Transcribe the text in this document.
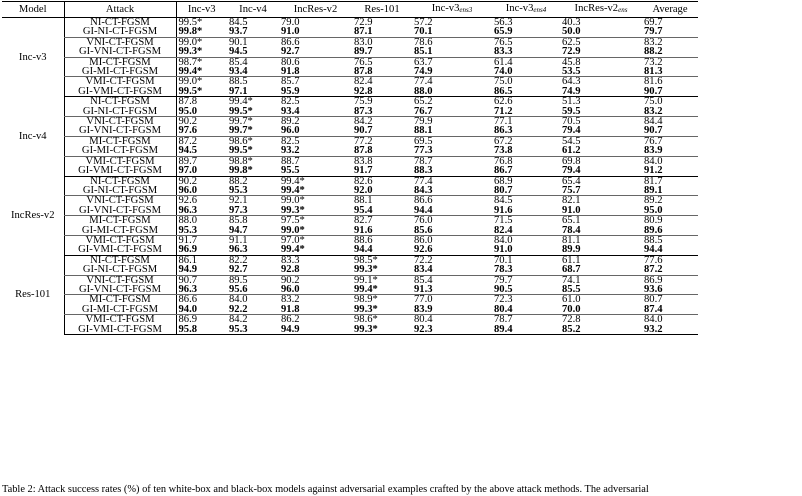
Model	Attack	Inc-v3	Inc-v4	IncRes-v2	Res-101	Inc-v3ens3	Inc-v3ens4	IncRes-v2ens	Average
Inc-v3	NI-CT-FGSM	99.5*	84.5	79.0	72.9	57.2	56.3	40.3	69.7
	GI-NI-CT-FGSM	99.8*	93.7	91.0	87.1	70.1	65.9	50.0	79.7
	VNI-CT-FGSM	99.0*	90.1	86.6	83.0	78.6	76.5	62.5	83.2
	GI-VNI-CT-FGSM	99.3*	94.5	92.7	89.7	85.1	83.3	72.9	88.2
	MI-CT-FGSM	98.7*	85.4	80.6	76.5	63.7	61.4	45.8	73.2
	GI-MI-CT-FGSM	99.4*	93.4	91.8	87.8	74.9	74.0	53.5	81.3
	VMI-CT-FGSM	99.0*	88.5	85.7	82.4	77.4	75.0	64.3	81.6
	GI-VMI-CT-FGSM	99.5*	97.1	95.9	92.8	88.0	86.5	74.9	90.7
Inc-v4	NI-CT-FGSM	87.8	99.4*	82.5	75.9	65.2	62.6	51.3	75.0
	GI-NI-CT-FGSM	95.0	99.5*	93.4	87.3	76.7	71.2	59.5	83.2
	VNI-CT-FGSM	90.2	99.7*	89.2	84.2	79.9	77.1	70.5	84.4
	GI-VNI-CT-FGSM	97.6	99.7*	96.0	90.7	88.1	86.3	79.4	90.7
	MI-CT-FGSM	87.2	98.6*	82.5	77.2	69.5	67.2	54.5	76.7
	GI-MI-CT-FGSM	94.5	99.5*	93.2	87.8	77.3	73.8	61.2	83.9
	VMI-CT-FGSM	89.7	98.8*	88.7	83.8	78.7	76.8	69.8	84.0
	GI-VMI-CT-FGSM	97.0	99.8*	95.5	91.7	88.3	86.7	79.4	91.2
IncRes-v2	NI-CT-FGSM	90.2	88.2	99.4*	82.6	77.4	68.9	65.4	81.7
	GI-NI-CT-FGSM	96.0	95.3	99.4*	92.0	84.3	80.7	75.7	89.1
	VNI-CT-FGSM	92.6	92.1	99.0*	88.1	86.6	84.5	82.1	89.2
	GI-VNI-CT-FGSM	96.3	97.3	99.3*	95.4	94.4	91.6	91.0	95.0
	MI-CT-FGSM	88.0	85.8	97.5*	82.7	76.0	71.5	65.1	80.9
	GI-MI-CT-FGSM	95.3	94.7	99.0*	91.6	85.6	82.4	78.4	89.6
	VMI-CT-FGSM	91.7	91.1	97.0*	88.6	86.0	84.0	81.1	88.5
	GI-VMI-CT-FGSM	96.9	96.3	99.4*	94.4	92.6	91.0	89.9	94.4
Res-101	NI-CT-FGSM	86.1	82.2	83.3	98.5*	72.2	70.1	61.1	77.6
	GI-NI-CT-FGSM	94.9	92.7	92.8	99.3*	83.4	78.3	68.7	87.2
	VNI-CT-FGSM	90.7	89.5	90.2	99.1*	85.4	79.7	74.1	86.9
	GI-VNI-CT-FGSM	96.3	95.6	96.0	99.4*	91.3	90.5	85.5	93.6
	MI-CT-FGSM	86.6	84.0	83.2	98.9*	77.0	72.3	61.0	80.7
	GI-MI-CT-FGSM	94.0	92.2	91.8	99.3*	83.9	80.4	70.0	87.4
	VMI-CT-FGSM	86.9	84.2	86.2	98.6*	80.4	78.7	72.8	84.0
	GI-VMI-CT-FGSM	95.8	95.3	94.9	99.3*	92.3	89.4	85.2	93.2
Table 2: Attack success rates (%) of ten white-box and black-box models against adversarial examples crafted by the above attack methods. The adversarial
